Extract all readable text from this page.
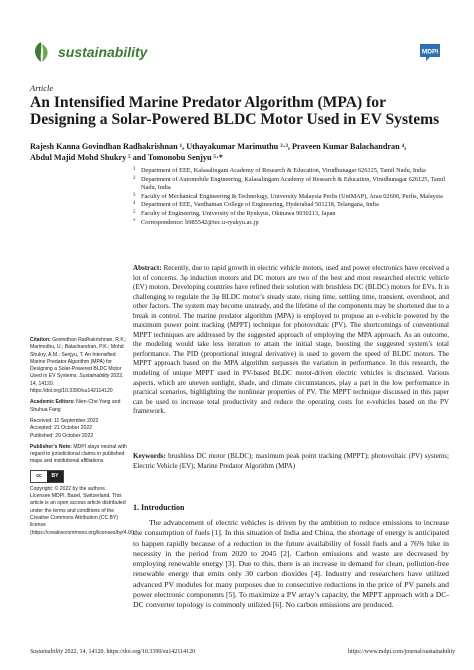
sustainability	MDPI
Article
An Intensified Marine Predator Algorithm (MPA) for Designing a Solar-Powered BLDC Motor Used in EV Systems
Rajesh Kanna Govindhan Radhakrishnan ¹, Uthayakumar Marimuthu ²·³, Praveen Kumar Balachandran ⁴,
Abdul Majid Mohd Shukry ⁵ and Tomonobu Senjyu ⁵·*
1 Department of EEE, Kalasalingam Academy of Research & Education, Virudhunagar 626125, Tamil Nadu, India
2 Department of Automobile Engineering, Kalasalingam Academy of Research & Education, Virudhunagar 626125, Tamil Nadu, India
3 Faculty of Mechanical Engineering & Technology, University Malaysia Perlis (UniMAP), Arau 02600, Perlis, Malaysia
4 Department of EEE, Vardhaman College of Engineering, Hyderabad 501218, Telangana, India
5 Faculty of Engineering, University of the Ryukyus, Okinawa 9030213, Japan
* Correspondence: b985542@tec.u-ryukyu.ac.jp
Abstract: Recently, due to rapid growth in electric vehicle motors, used and power electronics have received a lot of concerns. 3φ induction motors and DC motors are two of the best and most researched electric vehicle (EV) motors. Developing countries have refined their solution with brushless DC (BLDC) motors for EVs. It is challenging to regulate the 3φ BLDC motor’s steady state, rising time, settling time, transient, overshoot, and other factors. The system may become unsteady, and the lifetime of the components may be shortened due to a break in control. The marine predator algorithm (MPA) is employed to propose an e-vehicle powered by the maximum power point tracking (MPPT) technique for photovoltaic (PV). The shortcomings of conventional MPPT techniques are addressed by the suggested approach of employing the MPA approach. As an outcome, the modeling would take less iteration to attain the initial stage, boosting the suggested system’s total performance. The PID (proportional integral derivative) is used to govern the speed of BLDC motors. The MPPT approach based on the MPA algorithm surpasses the variation in performance. In this research, the modeling of unique MPPT used in PV-based BLDC motor-driven electric vehicles is discussed. Various aspects, which are uneven sunlight, shade, and climate circumstances, play a part in the low performance in practical scenarios, highlighting the nonlinear properties of PV. The MPPT technique discussed in this paper can be used to increase total productivity and reduce the operating costs for e-vehicles based on the PV framework.
Keywords: brushless DC motor (BLDC); maximum peak point tracking (MPPT); photovoltaic (PV) systems; Electric Vehicle (EV); Marine Predator Algorithm (MPA)
Citation: Govindhan Radhakrishnan, R.K.; Marimuthu, U.; Balachandran, P.K.; Mohd Shukry, A.M.; Senjyu, T. An Intensified Marine Predator Algorithm (MPA) for Designing a Solar-Powered BLDC Motor Used in EV Systems. Sustainability 2022, 14, 14120. https://doi.org/10.3390/su142114120
Academic Editors: Nien-Che Yang and Shuhua Fang
Received: 11 September 2022
Accepted: 21 October 2022
Published: 29 October 2022
Publisher’s Note: MDPI stays neutral with regard to jurisdictional claims in published maps and institutional affiliations.
cc	BY
Copyright: © 2022 by the authors. Licensee MDPI, Basel, Switzerland. This article is an open access article distributed under the terms and conditions of the Creative Commons Attribution (CC BY) license (https://creativecommons.org/licenses/by/4.0/).
1. Introduction

The advancement of electric vehicles is driven by the ambition to reduce emissions to increase the consumption of fuels [1]. In this situation of India and China, the shortage of energy is anticipated to happen rapidly because of a reduction in the future availability of fossil fuels and a 76% hike in necessity in the period from 2020 to 2045 [2]. Carbon emissions and waste are decreased by employing renewable energy [3]. Due to this, there is an increase in demand for clean, pollution-free renewable energy that emits only 30 carbon dioxides [4]. Industry and researchers have utilized advanced PV modules for many purposes due to consecutive reductions in the price of PV panels and power electronic components [5]. To maximize a PV array’s capacity, the MPPT approach with a DC-DC converter topology is commonly utilized [6]. No carbon emissions are produced.

Sustainability 2022, 14, 14120. https://doi.org/10.3390/su142114120	https://www.mdpi.com/journal/sustainability
